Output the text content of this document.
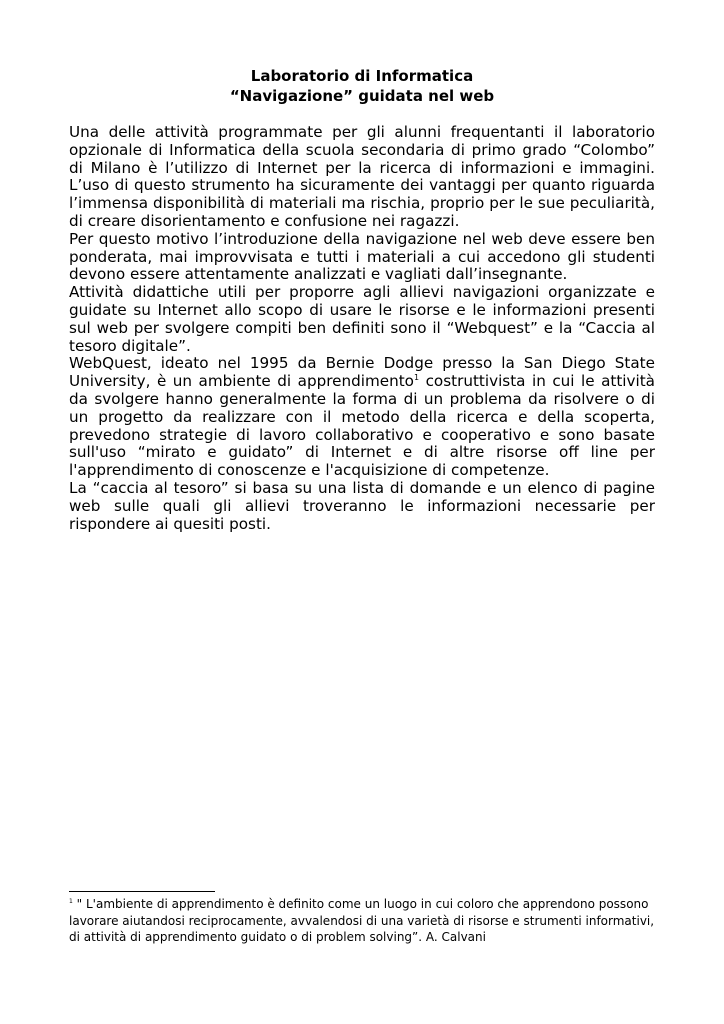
Laboratorio di Informatica

“Navigazione” guidata nel web

Una delle attività programmate per gli alunni frequentanti il laboratorio opzionale di Informatica della scuola secondaria di primo grado “Colombo” di Milano è l’utilizzo di Internet per la ricerca di informazioni e immagini. L’uso di questo strumento ha sicuramente dei vantaggi per quanto riguarda l’immensa disponibilità di materiali ma rischia, proprio per le sue peculiarità, di creare disorientamento e confusione nei ragazzi.

Per questo motivo l’introduzione della navigazione nel web deve essere ben ponderata, mai improvvisata e tutti i materiali a cui accedono gli studenti devono essere attentamente analizzati e vagliati dall’insegnante.

Attività didattiche utili per proporre agli allievi navigazioni organizzate e guidate su Internet allo scopo di usare le risorse e le informazioni presenti sul web per svolgere compiti ben definiti sono il “Webquest” e la “Caccia al tesoro digitale”.

WebQuest, ideato nel 1995 da Bernie Dodge presso la San Diego State University, è un ambiente di apprendimento$^1$ costruttivista in cui le attività da svolgere hanno generalmente la forma di un problema da risolvere o di un progetto da realizzare con il metodo della ricerca e della scoperta, prevedono strategie di lavoro collaborativo e cooperativo e sono basate sull'uso “mirato e guidato” di Internet e di altre risorse off line per l'apprendimento di conoscenze e l'acquisizione di competenze.

La “caccia al tesoro” si basa su una lista di domande e un elenco di pagine web sulle quali gli allievi troveranno le informazioni necessarie per rispondere ai quesiti posti.

$^1$ " L'ambiente di apprendimento è definito come un luogo in cui coloro che apprendono possono lavorare aiutandosi reciprocamente, avvalendosi di una varietà di risorse e strumenti informativi, di attività di apprendimento guidato o di problem solving”. A. Calvani
